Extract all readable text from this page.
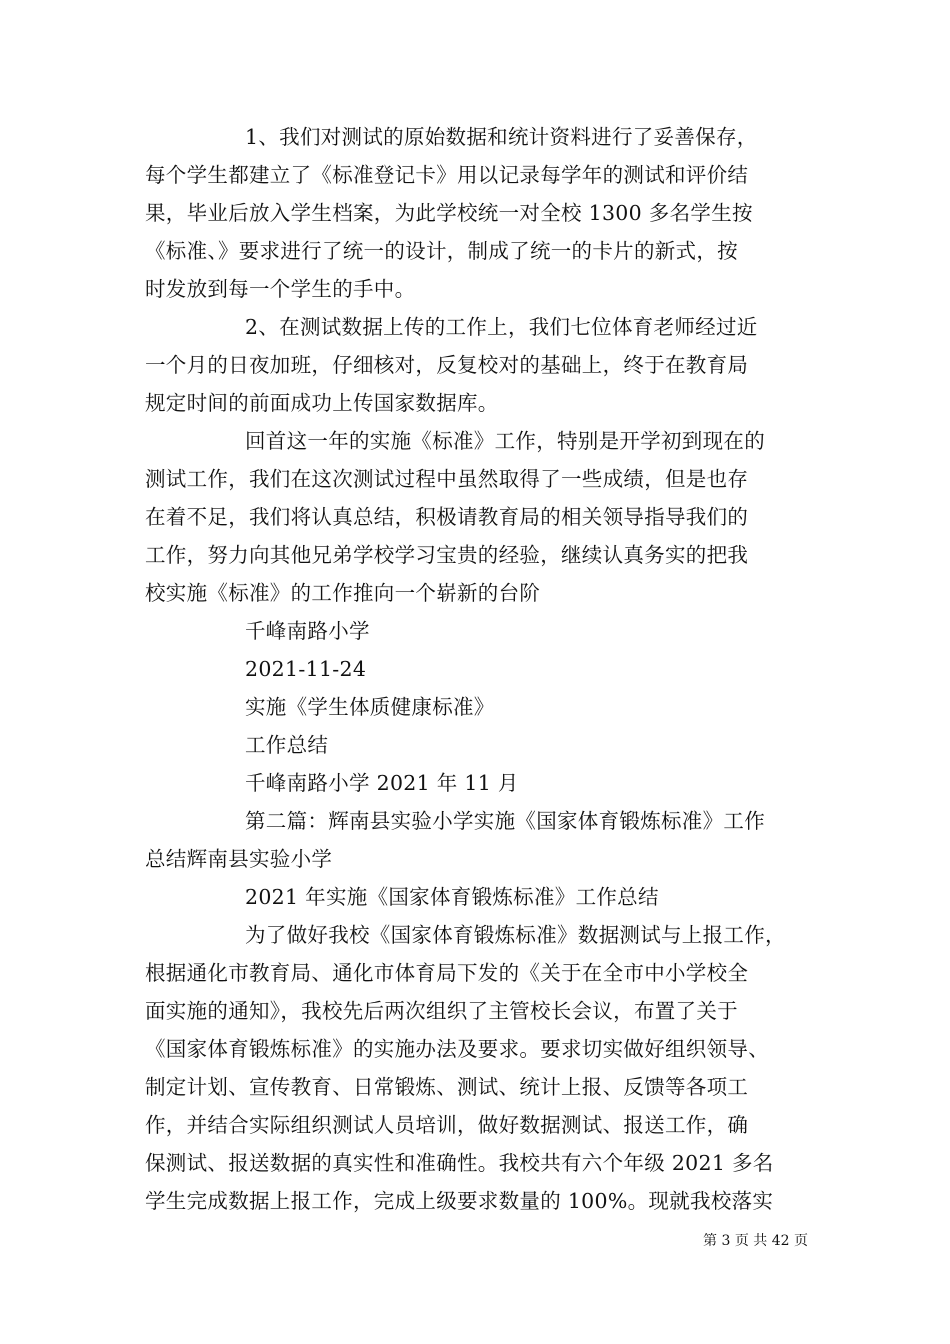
1、我们对测试的原始数据和统计资料进行了妥善保存，
每个学生都建立了《标准登记卡》用以记录每学年的测试和评价结
果，毕业后放入学生档案，为此学校统一对全校 1300 多名学生按
《标准、》要求进行了统一的设计，制成了统一的卡片的新式，按
时发放到每一个学生的手中。
2、在测试数据上传的工作上，我们七位体育老师经过近
一个月的日夜加班，仔细核对，反复校对的基础上，终于在教育局
规定时间的前面成功上传国家数据库。
回首这一年的实施《标准》工作，特别是开学初到现在的
测试工作，我们在这次测试过程中虽然取得了一些成绩，但是也存
在着不足，我们将认真总结，积极请教育局的相关领导指导我们的
工作，努力向其他兄弟学校学习宝贵的经验，继续认真务实的把我
校实施《标准》的工作推向一个崭新的台阶
千峰南路小学
2021-11-24
实施《学生体质健康标准》
工作总结
千峰南路小学 2021 年 11 月
第二篇：辉南县实验小学实施《国家体育锻炼标准》工作
总结辉南县实验小学
2021 年实施《国家体育锻炼标准》工作总结
为了做好我校《国家体育锻炼标准》数据测试与上报工作，
根据通化市教育局、通化市体育局下发的《关于在全市中小学校全
面实施的通知》，我校先后两次组织了主管校长会议，布置了关于
《国家体育锻炼标准》的实施办法及要求。要求切实做好组织领导、
制定计划、宣传教育、日常锻炼、测试、统计上报、反馈等各项工
作，并结合实际组织测试人员培训，做好数据测试、报送工作，确
保测试、报送数据的真实性和准确性。我校共有六个年级 2021 多名
学生完成数据上报工作，完成上级要求数量的 100%。现就我校落实
第 3 页 共 42 页
